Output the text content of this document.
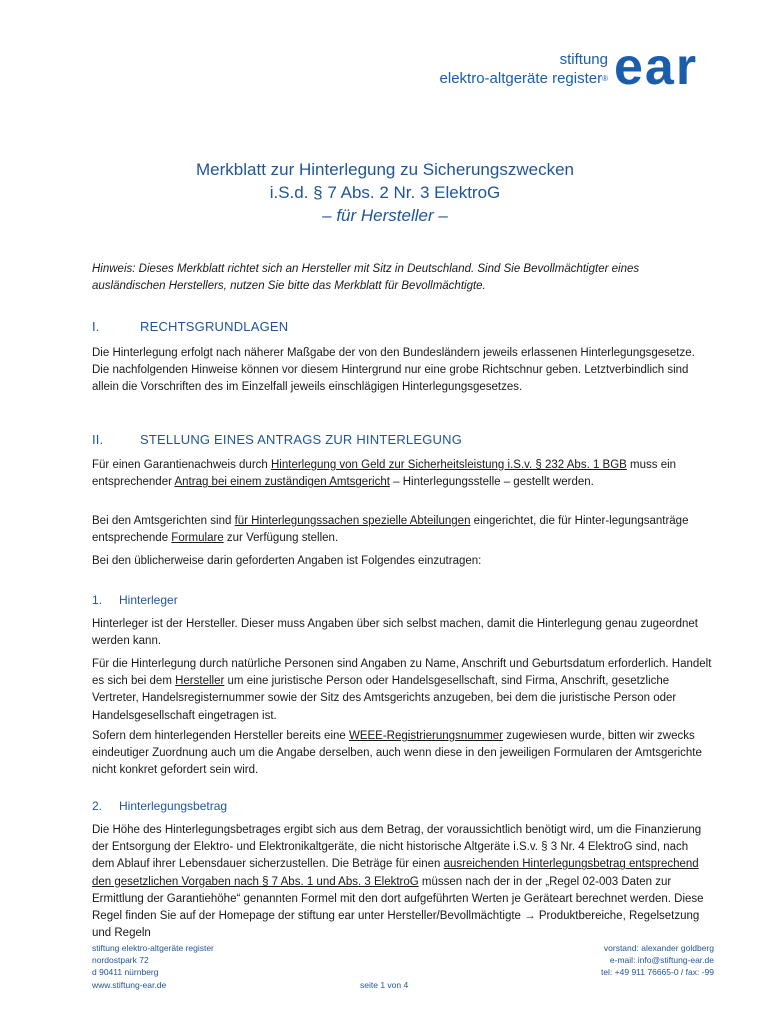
stiftung
elektro-altgeräte register® ear
Merkblatt zur Hinterlegung zu Sicherungszwecken
i.S.d. § 7 Abs. 2 Nr. 3 ElektroG
– für Hersteller –
Hinweis: Dieses Merkblatt richtet sich an Hersteller mit Sitz in Deutschland. Sind Sie Bevollmächtigter eines ausländischen Herstellers, nutzen Sie bitte das Merkblatt für Bevollmächtigte.
I.	RECHTSGRUNDLAGEN
Die Hinterlegung erfolgt nach näherer Maßgabe der von den Bundesländern jeweils erlassenen Hinterlegungsgesetze. Die nachfolgenden Hinweise können vor diesem Hintergrund nur eine grobe Richtschnur geben. Letztverbindlich sind allein die Vorschriften des im Einzelfall jeweils einschlägigen Hinterlegungsgesetzes.
II.	STELLUNG EINES ANTRAGS ZUR HINTERLEGUNG
Für einen Garantienachweis durch Hinterlegung von Geld zur Sicherheitsleistung i.S.v. § 232 Abs. 1 BGB muss ein entsprechender Antrag bei einem zuständigen Amtsgericht – Hinterlegungsstelle – gestellt werden.
Bei den Amtsgerichten sind für Hinterlegungssachen spezielle Abteilungen eingerichtet, die für Hinter-legungsanträge entsprechende Formulare zur Verfügung stellen.
Bei den üblicherweise darin geforderten Angaben ist Folgendes einzutragen:
1. Hinterleger
Hinterleger ist der Hersteller. Dieser muss Angaben über sich selbst machen, damit die Hinterlegung genau zugeordnet werden kann.
Für die Hinterlegung durch natürliche Personen sind Angaben zu Name, Anschrift und Geburtsdatum erforderlich. Handelt es sich bei dem Hersteller um eine juristische Person oder Handelsgesellschaft, sind Firma, Anschrift, gesetzliche Vertreter, Handelsregisternummer sowie der Sitz des Amtsgerichts anzugeben, bei dem die juristische Person oder Handelsgesellschaft eingetragen ist.
Sofern dem hinterlegenden Hersteller bereits eine WEEE-Registrierungsnummer zugewiesen wurde, bitten wir zwecks eindeutiger Zuordnung auch um die Angabe derselben, auch wenn diese in den jeweiligen Formularen der Amtsgerichte nicht konkret gefordert sein wird.
2. Hinterlegungsbetrag
Die Höhe des Hinterlegungsbetrages ergibt sich aus dem Betrag, der voraussichtlich benötigt wird, um die Finanzierung der Entsorgung der Elektro- und Elektronikaltgeräte, die nicht historische Altgeräte i.S.v. § 3 Nr. 4 ElektroG sind, nach dem Ablauf ihrer Lebensdauer sicherzustellen. Die Beträge für einen ausreichenden Hinterlegungsbetrag entsprechend den gesetzlichen Vorgaben nach § 7 Abs. 1 und Abs. 3 ElektroG müssen nach der in der „Regel 02-003 Daten zur Ermittlung der Garantiehöhe“ genannten Formel mit den dort aufgeführten Werten je Geräteart berechnet werden. Diese Regel finden Sie auf der Homepage der stiftung ear unter Hersteller/Bevollmächtigte → Produktbereiche, Regelsetzung und Regeln
stiftung elektro-altgeräte register
nordostpark 72
d 90411 nürnberg
www.stiftung-ear.de	seite 1 von 4
vorstand: alexander goldberg
e-mail: info@stiftung-ear.de
tel: +49 911 76665-0 / fax: -99
